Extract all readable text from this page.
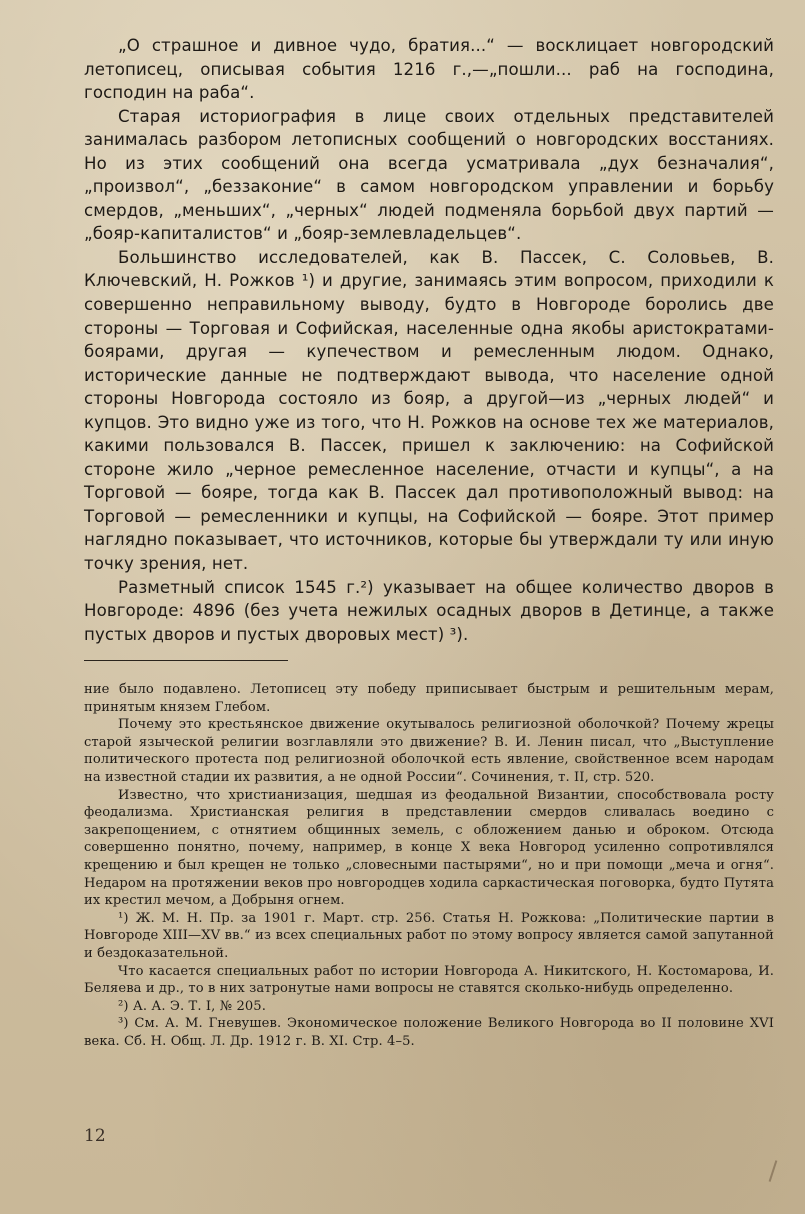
„О страшное и дивное чудо, братия...“ — восклицает новгородский летописец, описывая события 1216 г.,—„пошли... раб на господина, господин на раба“.

Старая историография в лице своих отдельных представителей занималась разбором летописных сообщений о новгородских восстаниях. Но из этих сообщений она всегда усматривала „дух безначалия“, „произвол“, „беззаконие“ в самом новгородском управлении и борьбу смердов, „меньших“, „черных“ людей подменяла борьбой двух партий — „бояр-капиталистов“ и „бояр-землевладельцев“.

Большинство исследователей, как В. Пассек, С. Соловьев, В. Ключевский, Н. Рожков ¹) и другие, занимаясь этим вопросом, приходили к совершенно неправильному выводу, будто в Новгороде боролись две стороны — Торговая и Софийская, населенные одна якобы аристократами-боярами, другая — купечеством и ремесленным людом. Однако, исторические данные не подтверждают вывода, что население одной стороны Новгорода состояло из бояр, а другой—из „черных людей“ и купцов. Это видно уже из того, что Н. Рожков на основе тех же материалов, какими пользовался В. Пассек, пришел к заключению: на Софийской стороне жило „черное ремесленное население, отчасти и купцы“, а на Торговой — бояре, тогда как В. Пассек дал противоположный вывод: на Торговой — ремесленники и купцы, на Софийской — бояре. Этот пример наглядно показывает, что источников, которые бы утверждали ту или иную точку зрения, нет.

Разметный список 1545 г.²) указывает на общее количество дворов в Новгороде: 4896 (без учета нежилых осадных дворов в Детинце, а также пустых дворов и пустых дворовых мест) ³).

ние было подавлено. Летописец эту победу приписывает быстрым и решительным мерам, принятым князем Глебом.

Почему это крестьянское движение окутывалось религиозной оболочкой? Почему жрецы старой языческой религии возглавляли это движение? В. И. Ленин писал, что „Выступление политического протеста под религиозной оболочкой есть явление, свойственное всем народам на известной стадии их развития, а не одной России“. Сочинения, т. II, стр. 520.

Известно, что христианизация, шедшая из феодальной Византии, способствовала росту феодализма. Христианская религия в представлении смердов сливалась воедино с закрепощением, с отнятием общинных земель, с обложением данью и оброком. Отсюда совершенно понятно, почему, например, в конце X века Новгород усиленно сопротивлялся крещению и был крещен не только „словесными пастырями“, но и при помощи „меча и огня“. Недаром на протяжении веков про новгородцев ходила саркастическая поговорка, будто Путята их крестил мечом, а Добрыня огнем.

¹) Ж. М. Н. Пр. за 1901 г. Март. стр. 256. Статья Н. Рожкова: „Политические партии в Новгороде XIII—XV вв.“ из всех специальных работ по этому вопросу является самой запутанной и бездоказательной.

Что касается специальных работ по истории Новгорода А. Никитского, Н. Костомарова, И. Беляева и др., то в них затронутые нами вопросы не ставятся сколько-нибудь определенно.

²) А. А. Э. Т. I, № 205.

³) См. А. М. Гневушев. Экономическое положение Великого Новгорода во II половине XVI века. Сб. Н. Общ. Л. Др. 1912 г. В. XI. Стр. 4–5.

12
